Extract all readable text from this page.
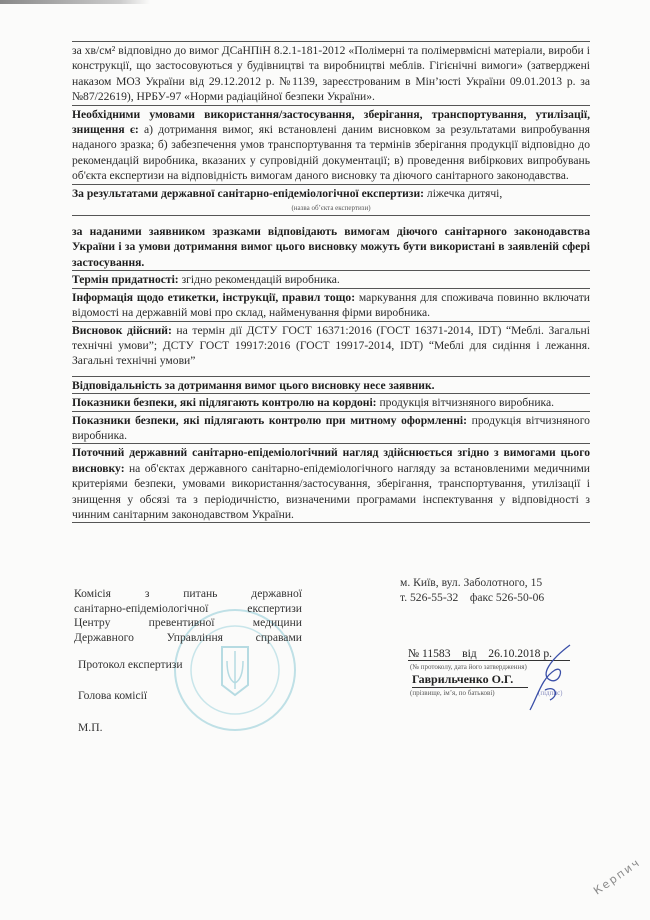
за хв/см² відповідно до вимог ДСаНПіН 8.2.1-181-2012 «Полімерні та полімервмісні матеріали, вироби і конструкції, що застосовуються у будівництві та виробництві меблів. Гігієнічні вимоги» (затверджені наказом МОЗ України від 29.12.2012 р. №1139, зареєстрованим в Мін’юсті України 09.01.2013 р. за №87/22619), НРБУ-97 «Норми радіаційної безпеки України».
Необхідними умовами використання/застосування, зберігання, транспортування, утилізації, знищення є: а) дотримання вимог, які встановлені даним висновком за результатами випробування наданого зразка; б) забезпечення умов транспортування та термінів зберігання продукції відповідно до рекомендацій виробника, вказаних у супровідній документації; в) проведення вибіркових випробувань об'єкта експертизи на відповідність вимогам даного висновку та діючого санітарного законодавства.
За результатами державної санітарно-епідеміологічної експертизи: ліжечка дитячі,
(назва об’єкта експертизи)
за наданими заявником зразками відповідають вимогам діючого санітарного законодавства України і за умови дотримання вимог цього висновку можуть бути використані в заявленій сфері застосування.
Термін придатності: згідно рекомендацій виробника.
Інформація щодо етикетки, інструкції, правил тощо: маркування для споживача повинно включати відомості на державній мові про склад, найменування фірми виробника.
Висновок дійсний: на термін дії ДСТУ ГОСТ 16371:2016 (ГОСТ 16371-2014, IDT) “Меблі. Загальні технічні умови”; ДСТУ ГОСТ 19917:2016 (ГОСТ 19917-2014, IDT) “Меблі для сидіння і лежання. Загальні технічні умови”
Відповідальність за дотримання вимог цього висновку несе заявник.
Показники безпеки, які підлягають контролю на кордоні: продукція вітчизняного виробника.
Показники безпеки, які підлягають контролю при митному оформленні: продукція вітчизняного виробника.
Поточний державний санітарно-епідеміологічний нагляд здійснюється згідно з вимогами цього висновку: на об'єктах державного санітарно-епідеміологічного нагляду за встановленими медичними критеріями безпеки, умовами використання/застосування, зберігання, транспортування, утилізації і знищення у обсязі та з періодичністю, визначеними програмами інспектування у відповідності з чинним санітарним законодавством України.
Комісія з питань державної
санітарно-епідеміологічної експертизи
Центру превентивної медицини
Державного Управління справами
м. Київ, вул. Заболотного, 15
т. 526-55-32    факс 526-50-06
Протокол експертизи
Голова комісії
М.П.
№ 11583    від    26.10.2018 р.
(№ протоколу, дата його затвердження)
Гаврильченко О.Г.
(прізвище, ім’я, по батькові)	(підпис)
Керпич
